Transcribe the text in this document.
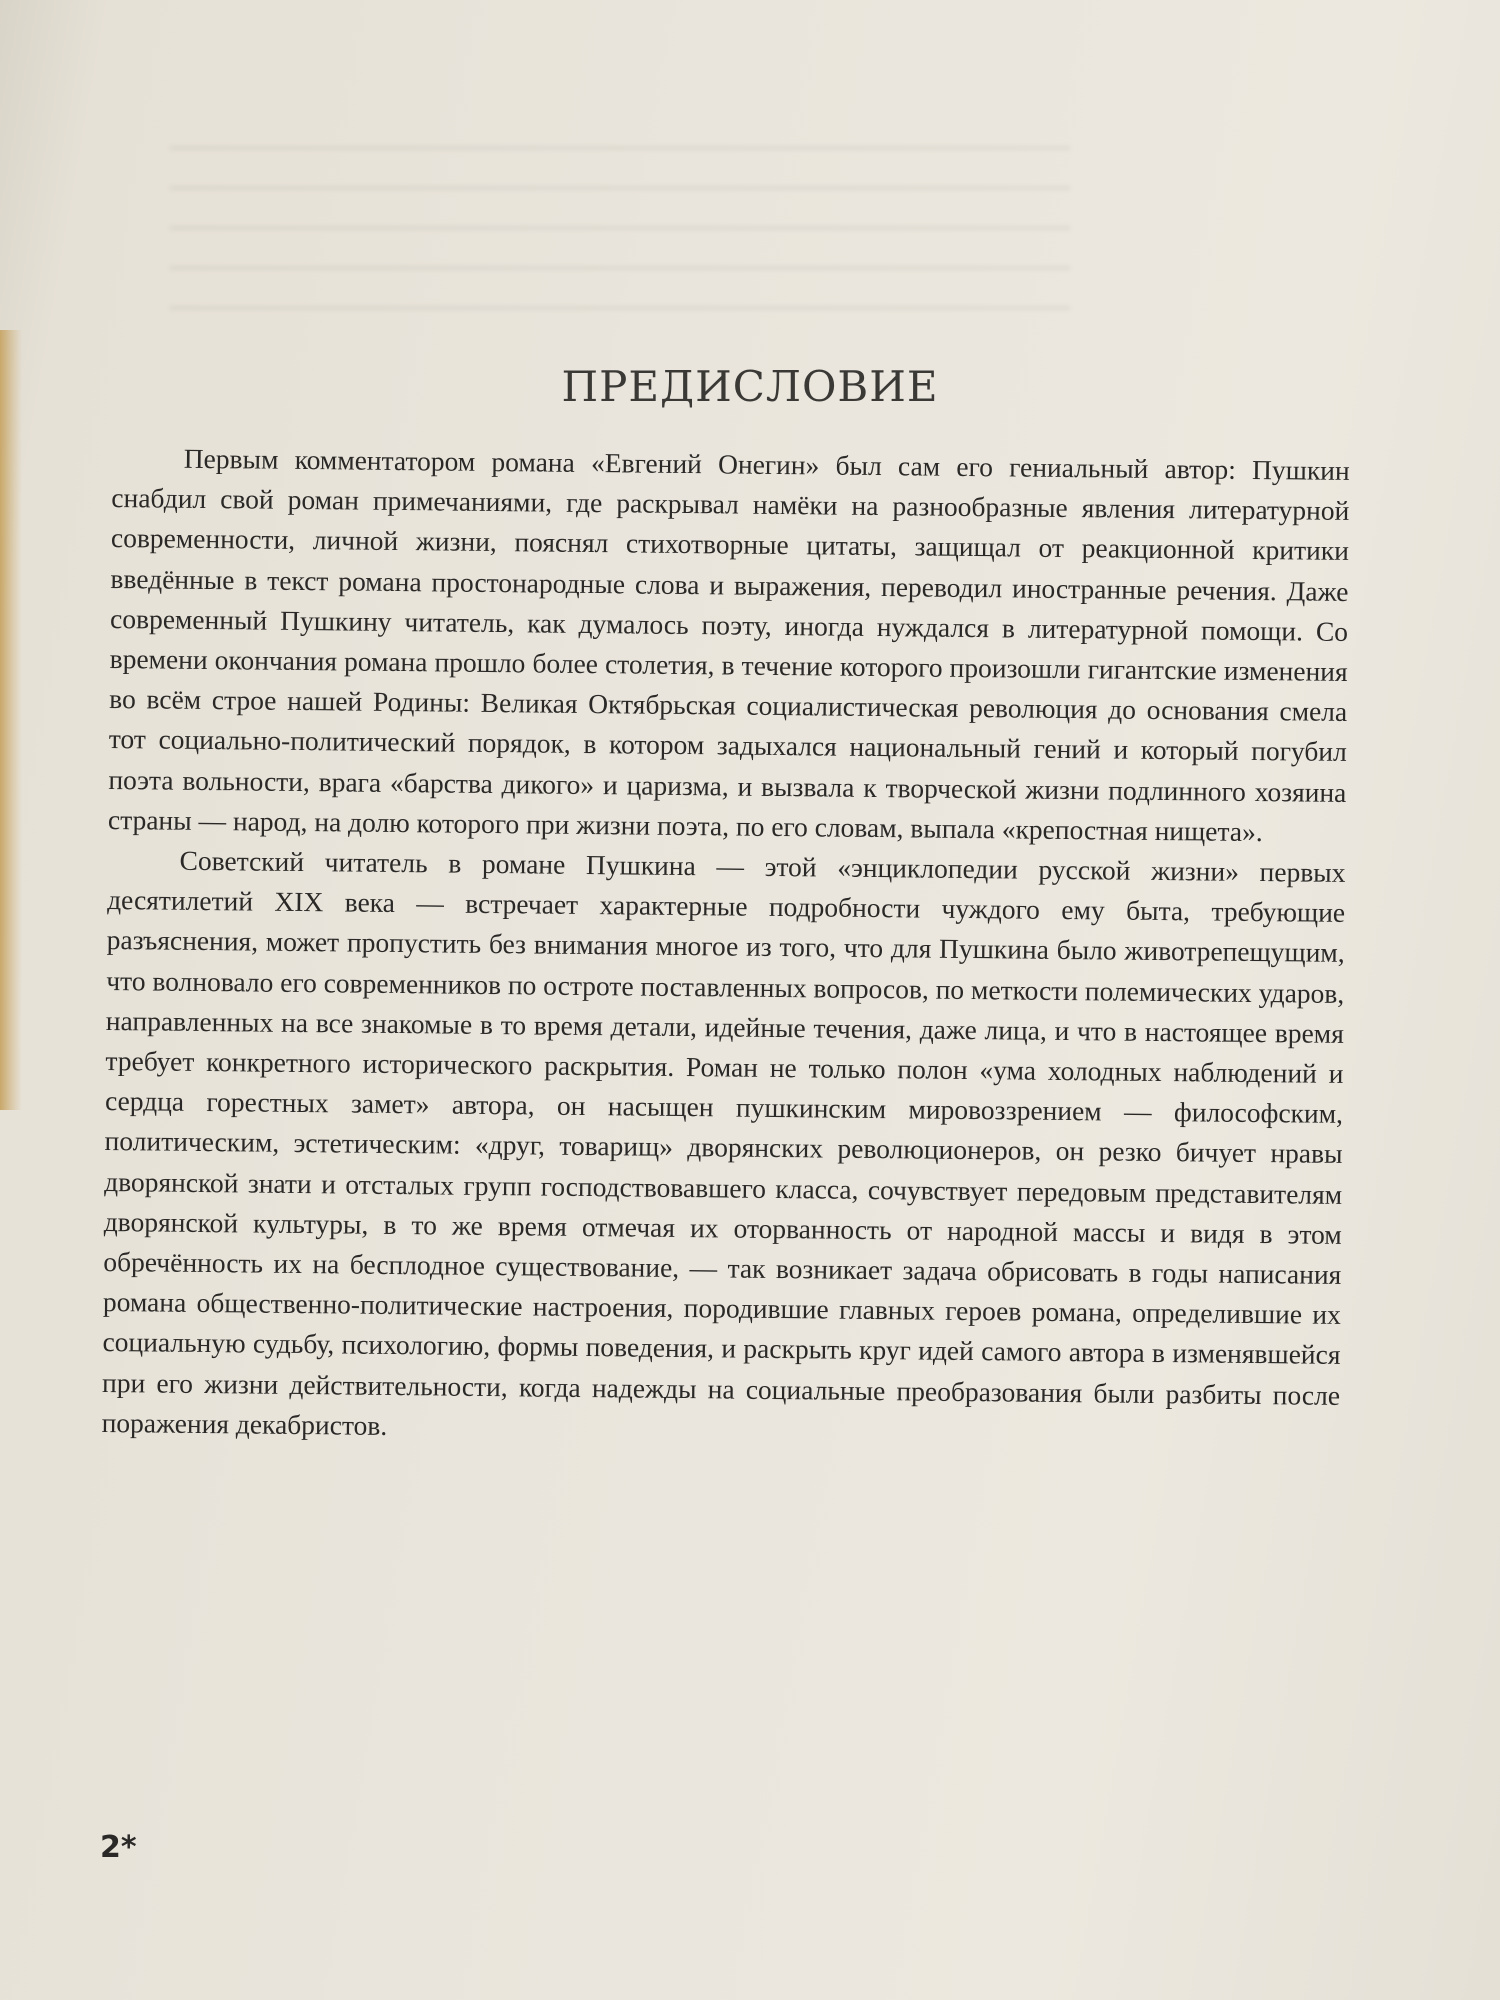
ПРЕДИСЛОВИЕ

Первым комментатором романа «Евгений Онегин» был сам его гениальный автор: Пушкин снабдил свой роман примечаниями, где раскрывал намёки на разнообразные явления литературной современности, личной жизни, пояснял стихотворные цитаты, защищал от реакционной критики введённые в текст романа простонародные слова и выражения, переводил иностранные речения. Даже современный Пушкину читатель, как думалось поэту, иногда нуждался в литературной помощи. Со времени окончания романа прошло более столетия, в течение которого произошли гигантские изменения во всём строе нашей Родины: Великая Октябрьская социалистическая революция до основания смела тот социально-политический порядок, в котором задыхался национальный гений и который погубил поэта вольности, врага «барства дикого» и царизма, и вызвала к творческой жизни подлинного хозяина страны — народ, на долю которого при жизни поэта, по его словам, выпала «крепостная нищета».

Советский читатель в романе Пушкина — этой «энциклопедии русской жизни» первых десятилетий XIX века — встречает характерные подробности чуждого ему быта, требующие разъяснения, может пропустить без внимания многое из того, что для Пушкина было животрепещущим, что волновало его современников по остроте поставленных вопросов, по меткости полемических ударов, направленных на все знакомые в то время детали, идейные течения, даже лица, и что в настоящее время требует конкретного исторического раскрытия. Роман не только полон «ума холодных наблюдений и сердца горестных замет» автора, он насыщен пушкинским мировоззрением — философским, политическим, эстетическим: «друг, товарищ» дворянских революционеров, он резко бичует нравы дворянской знати и отсталых групп господствовавшего класса, сочувствует передовым представителям дворянской культуры, в то же время отмечая их оторванность от народной массы и видя в этом обречённость их на бесплодное существование, — так возникает задача обрисовать в годы написания романа общественно-политические настроения, породившие главных героев романа, определившие их социальную судьбу, психологию, формы поведения, и раскрыть круг идей самого автора в изменявшейся при его жизни действительности, когда надежды на социальные преобразования были разбиты после поражения декабристов.

2*
